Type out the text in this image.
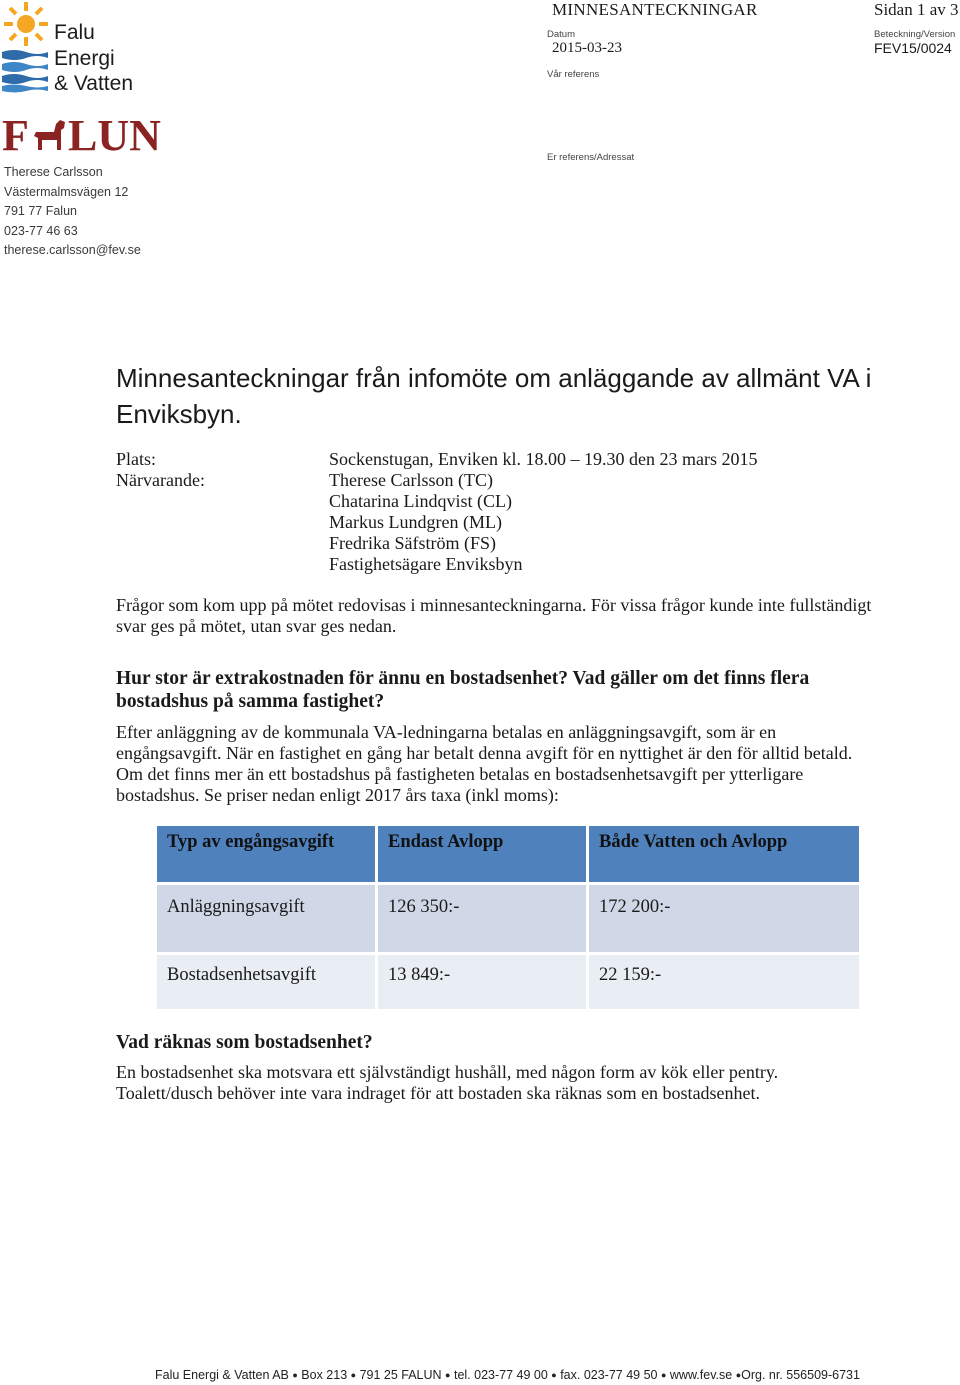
Falu
Energi
& Vatten
F LUN
Therese Carlsson
Västermalmsvägen 12
791 77 Falun
023-77 46 63
therese.carlsson@fev.se
MINNESANTECKNINGAR	Sidan 1 av 3
Datum
2015-03-23
Beteckning/Version
FEV15/0024
Vår referens
Er referens/Adressat
Minnesanteckningar från infomöte om anläggande av allmänt VA i Enviksbyn.
Plats:	Sockenstugan, Enviken kl. 18.00 – 19.30 den 23 mars 2015
Närvarande:	Therese Carlsson (TC)
Chatarina Lindqvist (CL)
Markus Lundgren (ML)
Fredrika Säfström (FS)
Fastighetsägare Enviksbyn
Frågor som kom upp på mötet redovisas i minnesanteckningarna. För vissa frågor kunde inte fullständigt svar ges på mötet, utan svar ges nedan.
Hur stor är extrakostnaden för ännu en bostadsenhet? Vad gäller om det finns flera bostadshus på samma fastighet?
Efter anläggning av de kommunala VA-ledningarna betalas en anläggningsavgift, som är en engångsavgift. När en fastighet en gång har betalt denna avgift för en nyttighet är den för alltid betald. Om det finns mer än ett bostadshus på fastigheten betalas en bostadsenhetsavgift per ytterligare bostadshus. Se priser nedan enligt 2017 års taxa (inkl moms):
Typ av engångsavgift	Endast Avlopp	Både Vatten och Avlopp

Anläggningsavgift	126 350:-	172 200:-

Bostadsenhetsavgift	13 849:-	22 159:-
Vad räknas som bostadsenhet?
En bostadsenhet ska motsvara ett självständigt hushåll, med någon form av kök eller pentry. Toalett/dusch behöver inte vara indraget för att bostaden ska räknas som en bostadsenhet.
Falu Energi & Vatten AB ● Box 213 ● 791 25 FALUN ● tel. 023-77 49 00 ● fax. 023-77 49 50 ● www.fev.se ●Org. nr. 556509-6731
